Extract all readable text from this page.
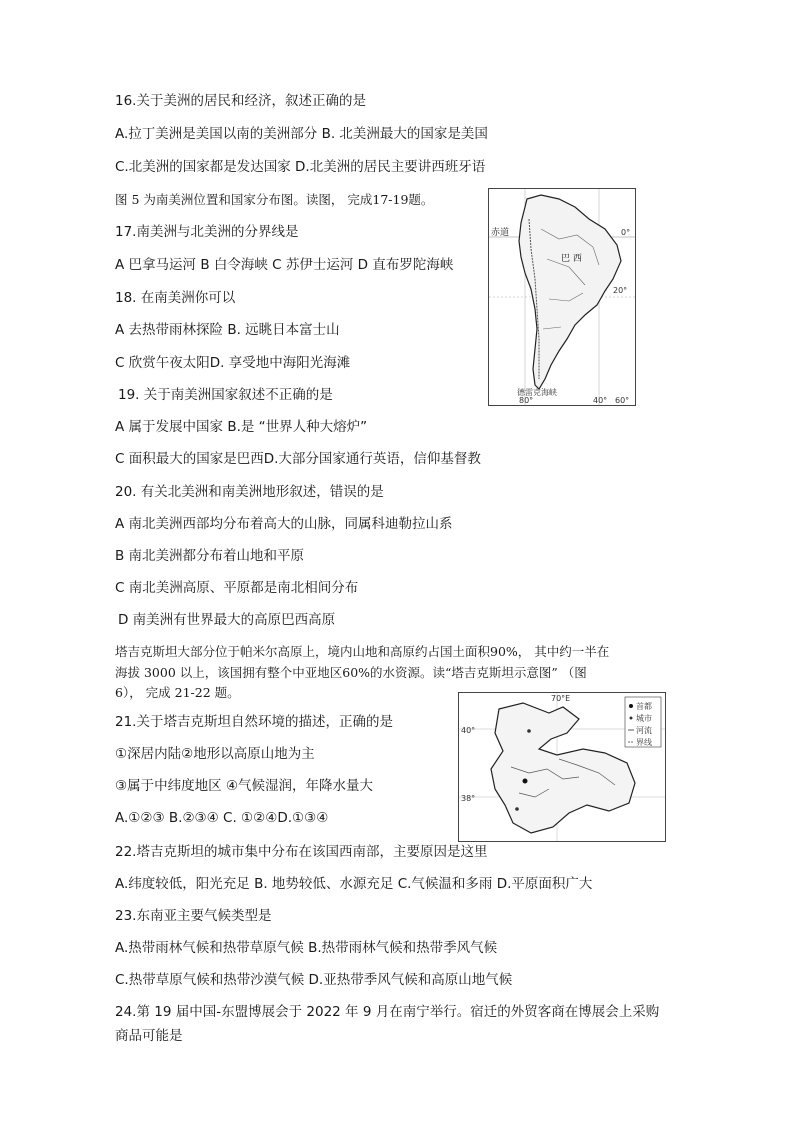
16.关于美洲的居民和经济，叙述正确的是
A.拉丁美洲是美国以南的美洲部分 B. 北美洲最大的国家是美国
C.北美洲的国家都是发达国家 D.北美洲的居民主要讲西班牙语
图 5 为南美洲位置和国家分布图。读图， 完成17-19题。
17.南美洲与北美洲的分界线是
A 巴拿马运河 B 白令海峡 C 苏伊士运河 D 直布罗陀海峡
18. 在南美洲你可以
A 去热带雨林探险 B. 远眺日本富士山
C 欣赏午夜太阳D. 享受地中海阳光海滩
19. 关于南美洲国家叙述不正确的是
A 属于发展中国家 B.是 “世界人种大熔炉”
C 面积最大的国家是巴西D.大部分国家通行英语，信仰基督教
20. 有关北美洲和南美洲地形叙述，错误的是
A 南北美洲西部均分布着高大的山脉，同属科迪勒拉山系
B 南北美洲都分布着山地和平原
C 南北美洲高原、平原都是南北相间分布
D 南美洲有世界最大的高原巴西高原
塔吉克斯坦大部分位于帕米尔高原上，境内山地和高原约占国土面积90%， 其中约一半在
海拔 3000 以上，该国拥有整个中亚地区60%的水资源。读“塔吉克斯坦示意图” （图
6）， 完成 21-22 题。
21.关于塔吉克斯坦自然环境的描述，正确的是
①深居内陆②地形以高原山地为主
③属于中纬度地区 ④气候湿润，年降水量大
A.①②③ B.②③④ C. ①②④D.①③④
22.塔吉克斯坦的城市集中分布在该国西南部，主要原因是这里
A.纬度较低，阳光充足 B. 地势较低、水源充足 C.气候温和多雨 D.平原面积广大
23.东南亚主要气候类型是
A.热带雨林气候和热带草原气候 B.热带雨林气候和热带季风气候
C.热带草原气候和热带沙漠气候 D.亚热带季风气候和高原山地气候
24.第 19 届中国-东盟博展会于 2022 年 9 月在南宁举行。宿迁的外贸客商在博展会上采购
商品可能是
赤道
巴 西
0°
20°
德雷克海峡
80°	40° 60°
70°E
40°
38°
首都
城市
河流
界线
